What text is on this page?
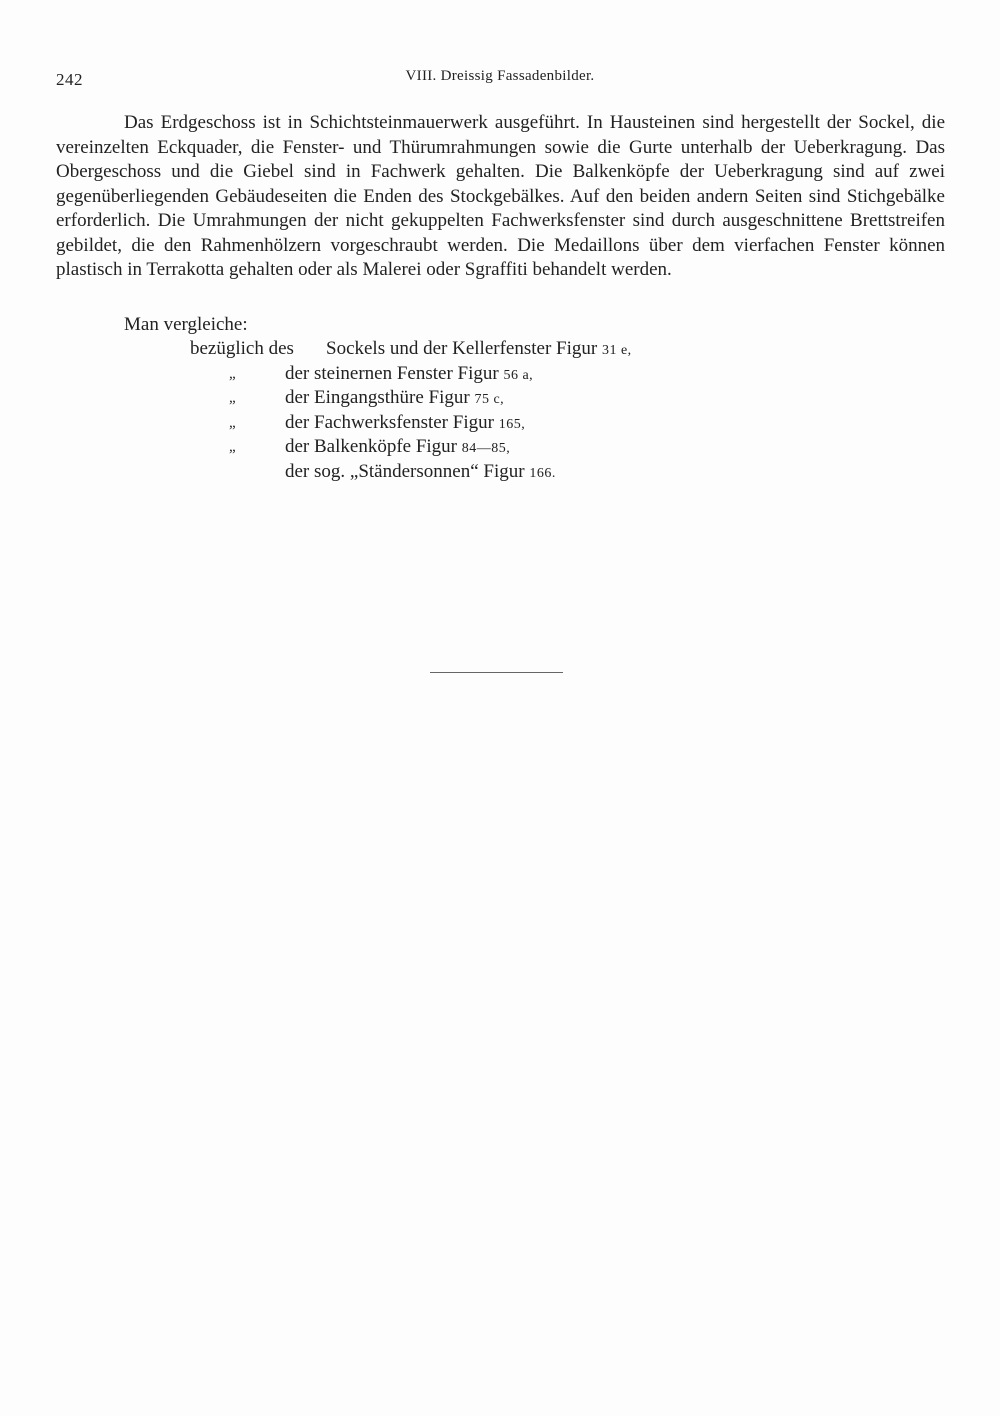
242	VIII. Dreissig Fassadenbilder.

Das Erdgeschoss ist in Schichtsteinmauerwerk ausgeführt. In Hausteinen sind hergestellt der Sockel, die vereinzelten Eckquader, die Fenster- und Thürumrahmungen sowie die Gurte unterhalb der Ueberkragung. Das Obergeschoss und die Giebel sind in Fachwerk gehalten. Die Balkenköpfe der Ueberkragung sind auf zwei gegenüberliegenden Gebäudeseiten die Enden des Stockgebälkes. Auf den beiden andern Seiten sind Stichgebälke erforderlich. Die Umrahmungen der nicht gekuppelten Fachwerksfenster sind durch ausgeschnittene Brettstreifen gebildet, die den Rahmenhölzern vorgeschraubt werden. Die Medaillons über dem vierfachen Fenster können plastisch in Terrakotta gehalten oder als Malerei oder Sgraffiti behandelt werden.

Man vergleiche:
bezüglich des Sockels und der Kellerfenster Figur 31 e,
„	der steinernen Fenster Figur 56 a,
„	der Eingangsthüre Figur 75 c,
„	der Fachwerksfenster Figur 165,
„	der Balkenköpfe Figur 84—85,
der sog. „Ständersonnen“ Figur 166.
